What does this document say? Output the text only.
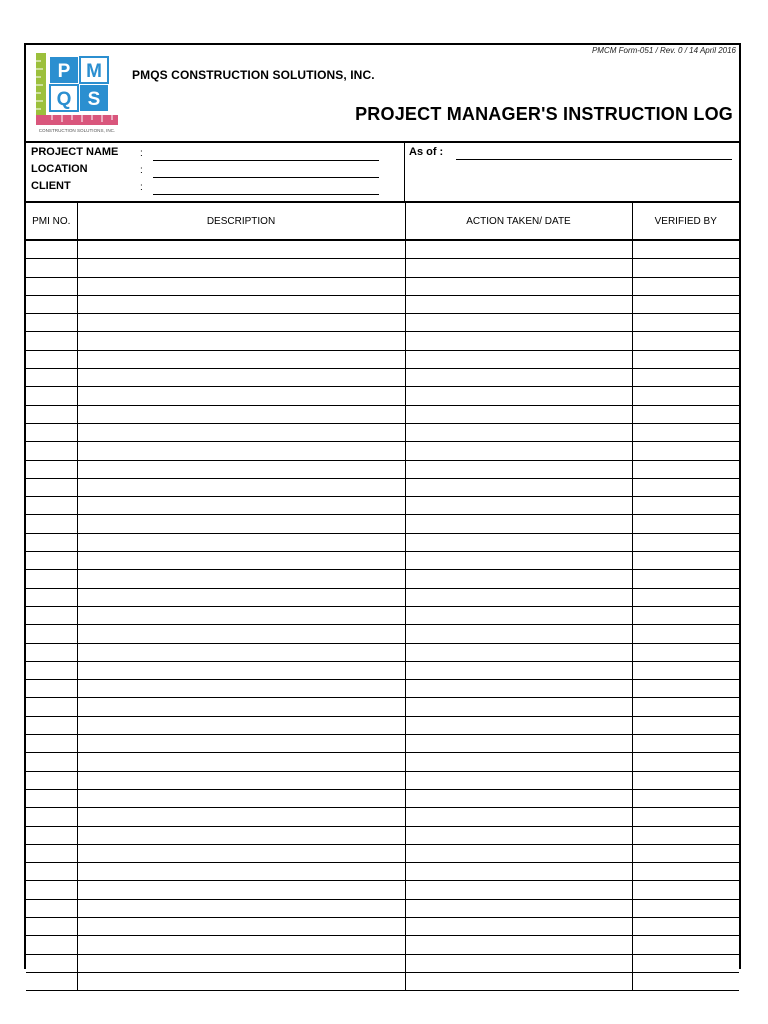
PMCM Form-051 / Rev. 0 / 14 April 2016
P M
Q S
CONSTRUCTION SOLUTIONS, INC.
PMQS CONSTRUCTION SOLUTIONS, INC.
PROJECT MANAGER'S INSTRUCTION LOG
PROJECT NAME :
LOCATION	:
CLIENT	:
As of :
PMI NO.	DESCRIPTION	ACTION TAKEN/ DATE	VERIFIED BY
